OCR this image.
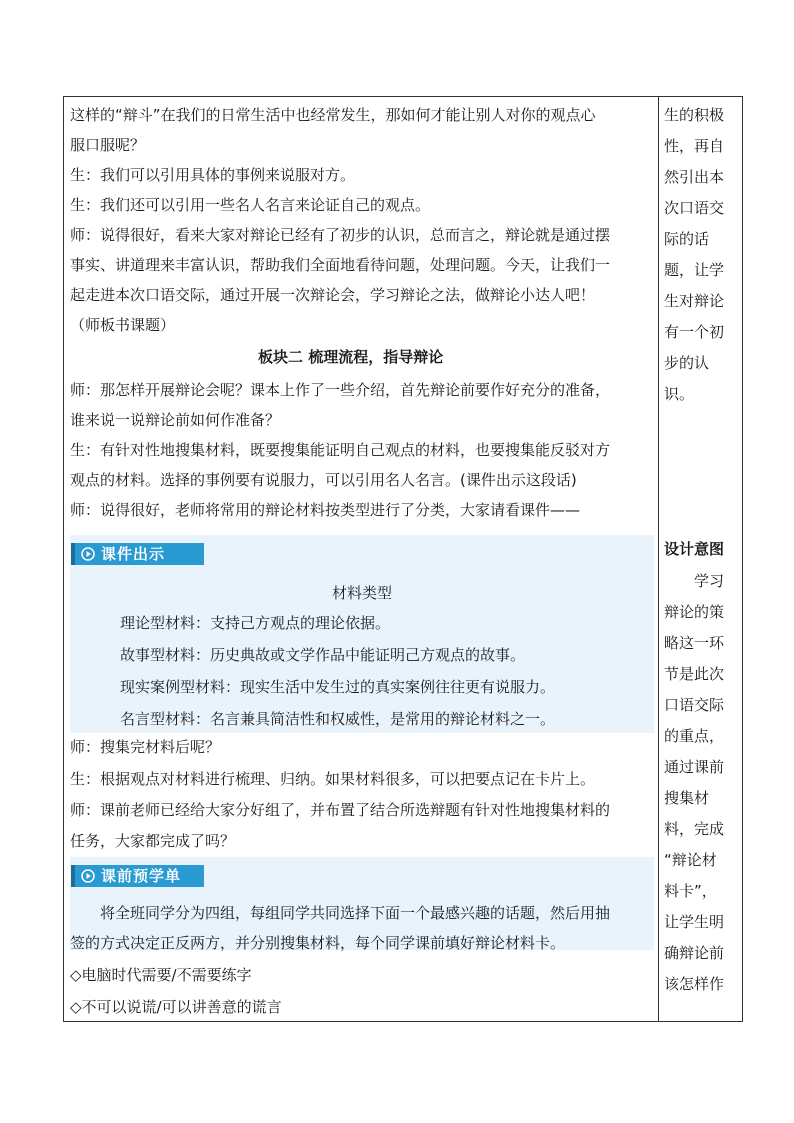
这样的“辩斗”在我们的日常生活中也经常发生，那如何才能让别人对你的观点心
服口服呢？
生：我们可以引用具体的事例来说服对方。
生：我们还可以引用一些名人名言来论证自己的观点。
师：说得很好，看来大家对辩论已经有了初步的认识，总而言之，辩论就是通过摆
事实、讲道理来丰富认识，帮助我们全面地看待问题，处理问题。今天，让我们一
起走进本次口语交际，通过开展一次辩论会，学习辩论之法，做辩论小达人吧！
（师板书课题）
板块二 梳理流程，指导辩论
师：那怎样开展辩论会呢？课本上作了一些介绍，首先辩论前要作好充分的准备，
谁来说一说辩论前如何作准备？
生：有针对性地搜集材料，既要搜集能证明自己观点的材料，也要搜集能反驳对方
观点的材料。选择的事例要有说服力，可以引用名人名言。(课件出示这段话)
师：说得很好，老师将常用的辩论材料按类型进行了分类，大家请看课件——
课件出示
材料类型
理论型材料：支持己方观点的理论依据。
故事型材料：历史典故或文学作品中能证明己方观点的故事。
现实案例型材料：现实生活中发生过的真实案例往往更有说服力。
名言型材料：名言兼具简洁性和权威性，是常用的辩论材料之一。
师：搜集完材料后呢？
生：根据观点对材料进行梳理、归纳。如果材料很多，可以把要点记在卡片上。
师：课前老师已经给大家分好组了，并布置了结合所选辩题有针对性地搜集材料的
任务，大家都完成了吗？
课前预学单
将全班同学分为四组，每组同学共同选择下面一个最感兴趣的话题，然后用抽
签的方式决定正反两方，并分别搜集材料，每个同学课前填好辩论材料卡。
◇电脑时代需要/不需要练字
◇不可以说谎/可以讲善意的谎言
生的积极
性，再自
然引出本
次口语交
际的话
题，让学
生对辩论
有一个初
步的认
识。
设计意图
学习
辩论的策
略这一环
节是此次
口语交际
的重点，
通过课前
搜集材
料，完成
“辩论材
料卡”，
让学生明
确辩论前
该怎样作
